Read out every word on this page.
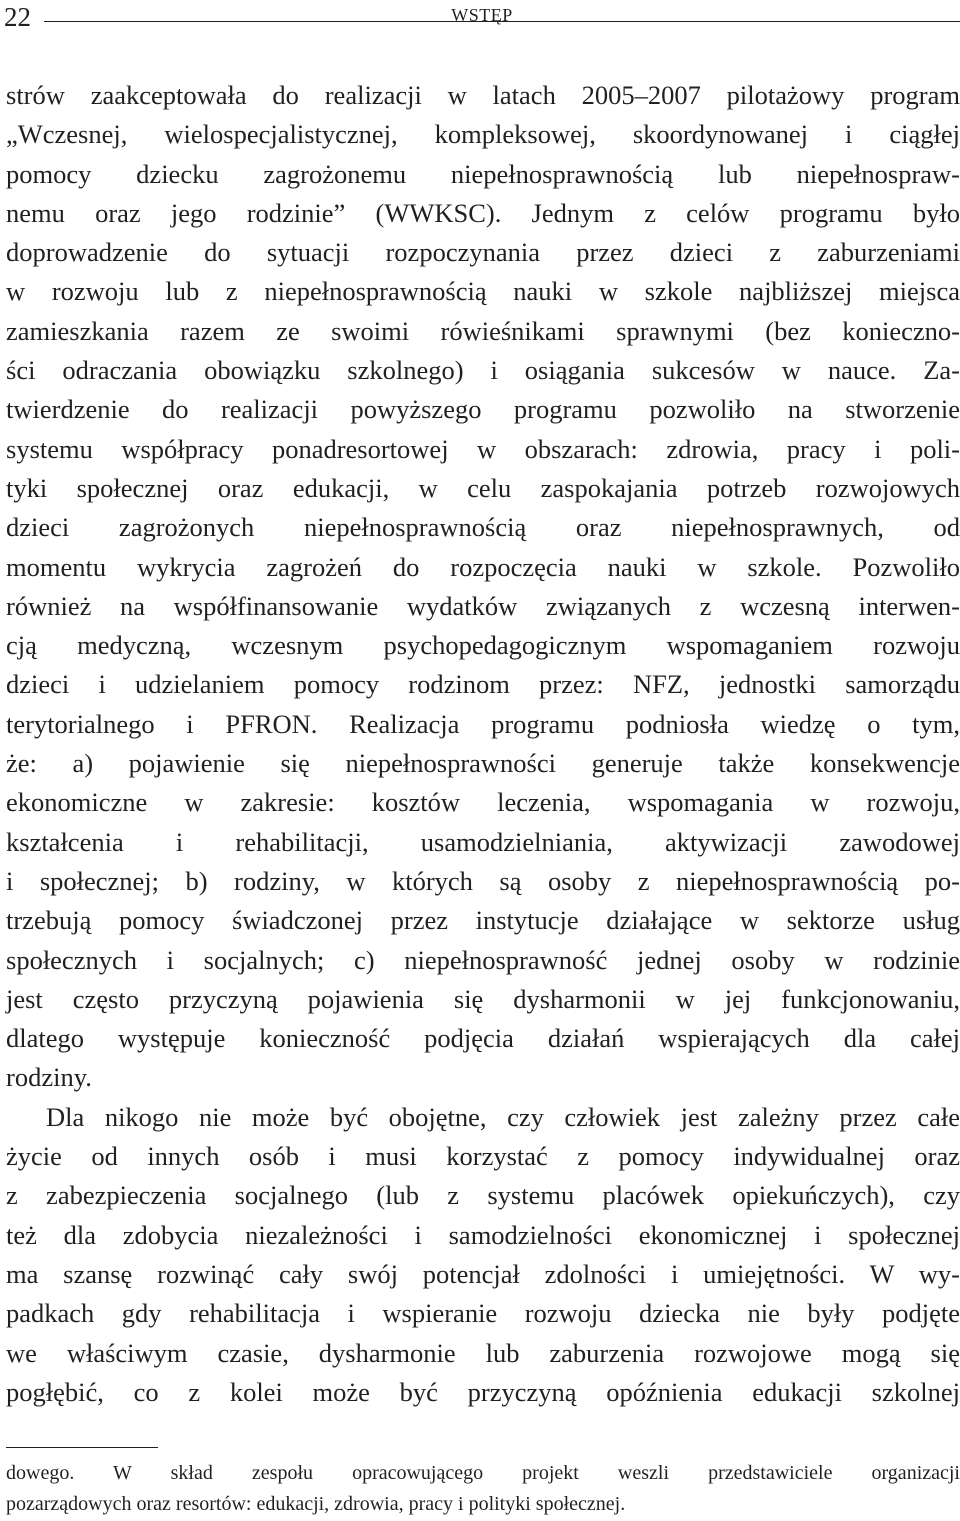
22	WSTĘP
strów zaakceptowała do realizacji w latach 2005–2007 pilotażowy program
„Wczesnej, wielospecjalistycznej, kompleksowej, skoordynowanej i ciągłej
pomocy dziecku zagrożonemu niepełnosprawnością lub niepełnospraw-
nemu oraz jego rodzinie” (WWKSC). Jednym z celów programu było
doprowadzenie do sytuacji rozpoczynania przez dzieci z zaburzeniami
w rozwoju lub z niepełnosprawnością nauki w szkole najbliższej miejsca
zamieszkania razem ze swoimi rówieśnikami sprawnymi (bez konieczno-
ści odraczania obowiązku szkolnego) i osiągania sukcesów w nauce. Za-
twierdzenie do realizacji powyższego programu pozwoliło na stworzenie
systemu współpracy ponadresortowej w obszarach: zdrowia, pracy i poli-
tyki społecznej oraz edukacji, w celu zaspokajania potrzeb rozwojowych
dzieci zagrożonych niepełnosprawnością oraz niepełnosprawnych, od
momentu wykrycia zagrożeń do rozpoczęcia nauki w szkole. Pozwoliło
również na współfinansowanie wydatków związanych z wczesną interwen-
cją medyczną, wczesnym psychopedagogicznym wspomaganiem rozwoju
dzieci i udzielaniem pomocy rodzinom przez: NFZ, jednostki samorządu
terytorialnego i PFRON. Realizacja programu podniosła wiedzę o tym,
że: a) pojawienie się niepełnosprawności generuje także konsekwencje
ekonomiczne w zakresie: kosztów leczenia, wspomagania w rozwoju,
kształcenia i rehabilitacji, usamodzielniania, aktywizacji zawodowej
i społecznej; b) rodziny, w których są osoby z niepełnosprawnością po-
trzebują pomocy świadczonej przez instytucje działające w sektorze usług
społecznych i socjalnych; c) niepełnosprawność jednej osoby w rodzinie
jest często przyczyną pojawienia się dysharmonii w jej funkcjonowaniu,
dlatego występuje konieczność podjęcia działań wspierających dla całej
rodziny.
Dla nikogo nie może być obojętne, czy człowiek jest zależny przez całe
życie od innych osób i musi korzystać z pomocy indywidualnej oraz
z zabezpieczenia socjalnego (lub z systemu placówek opiekuńczych), czy
też dla zdobycia niezależności i samodzielności ekonomicznej i społecznej
ma szansę rozwinąć cały swój potencjał zdolności i umiejętności. W wy-
padkach gdy rehabilitacja i wspieranie rozwoju dziecka nie były podjęte
we właściwym czasie, dysharmonie lub zaburzenia rozwojowe mogą się
pogłębić, co z kolei może być przyczyną opóźnienia edukacji szkolnej
dowego. W skład zespołu opracowującego projekt weszli przedstawiciele organizacji
pozarządowych oraz resortów: edukacji, zdrowia, pracy i polityki społecznej.
